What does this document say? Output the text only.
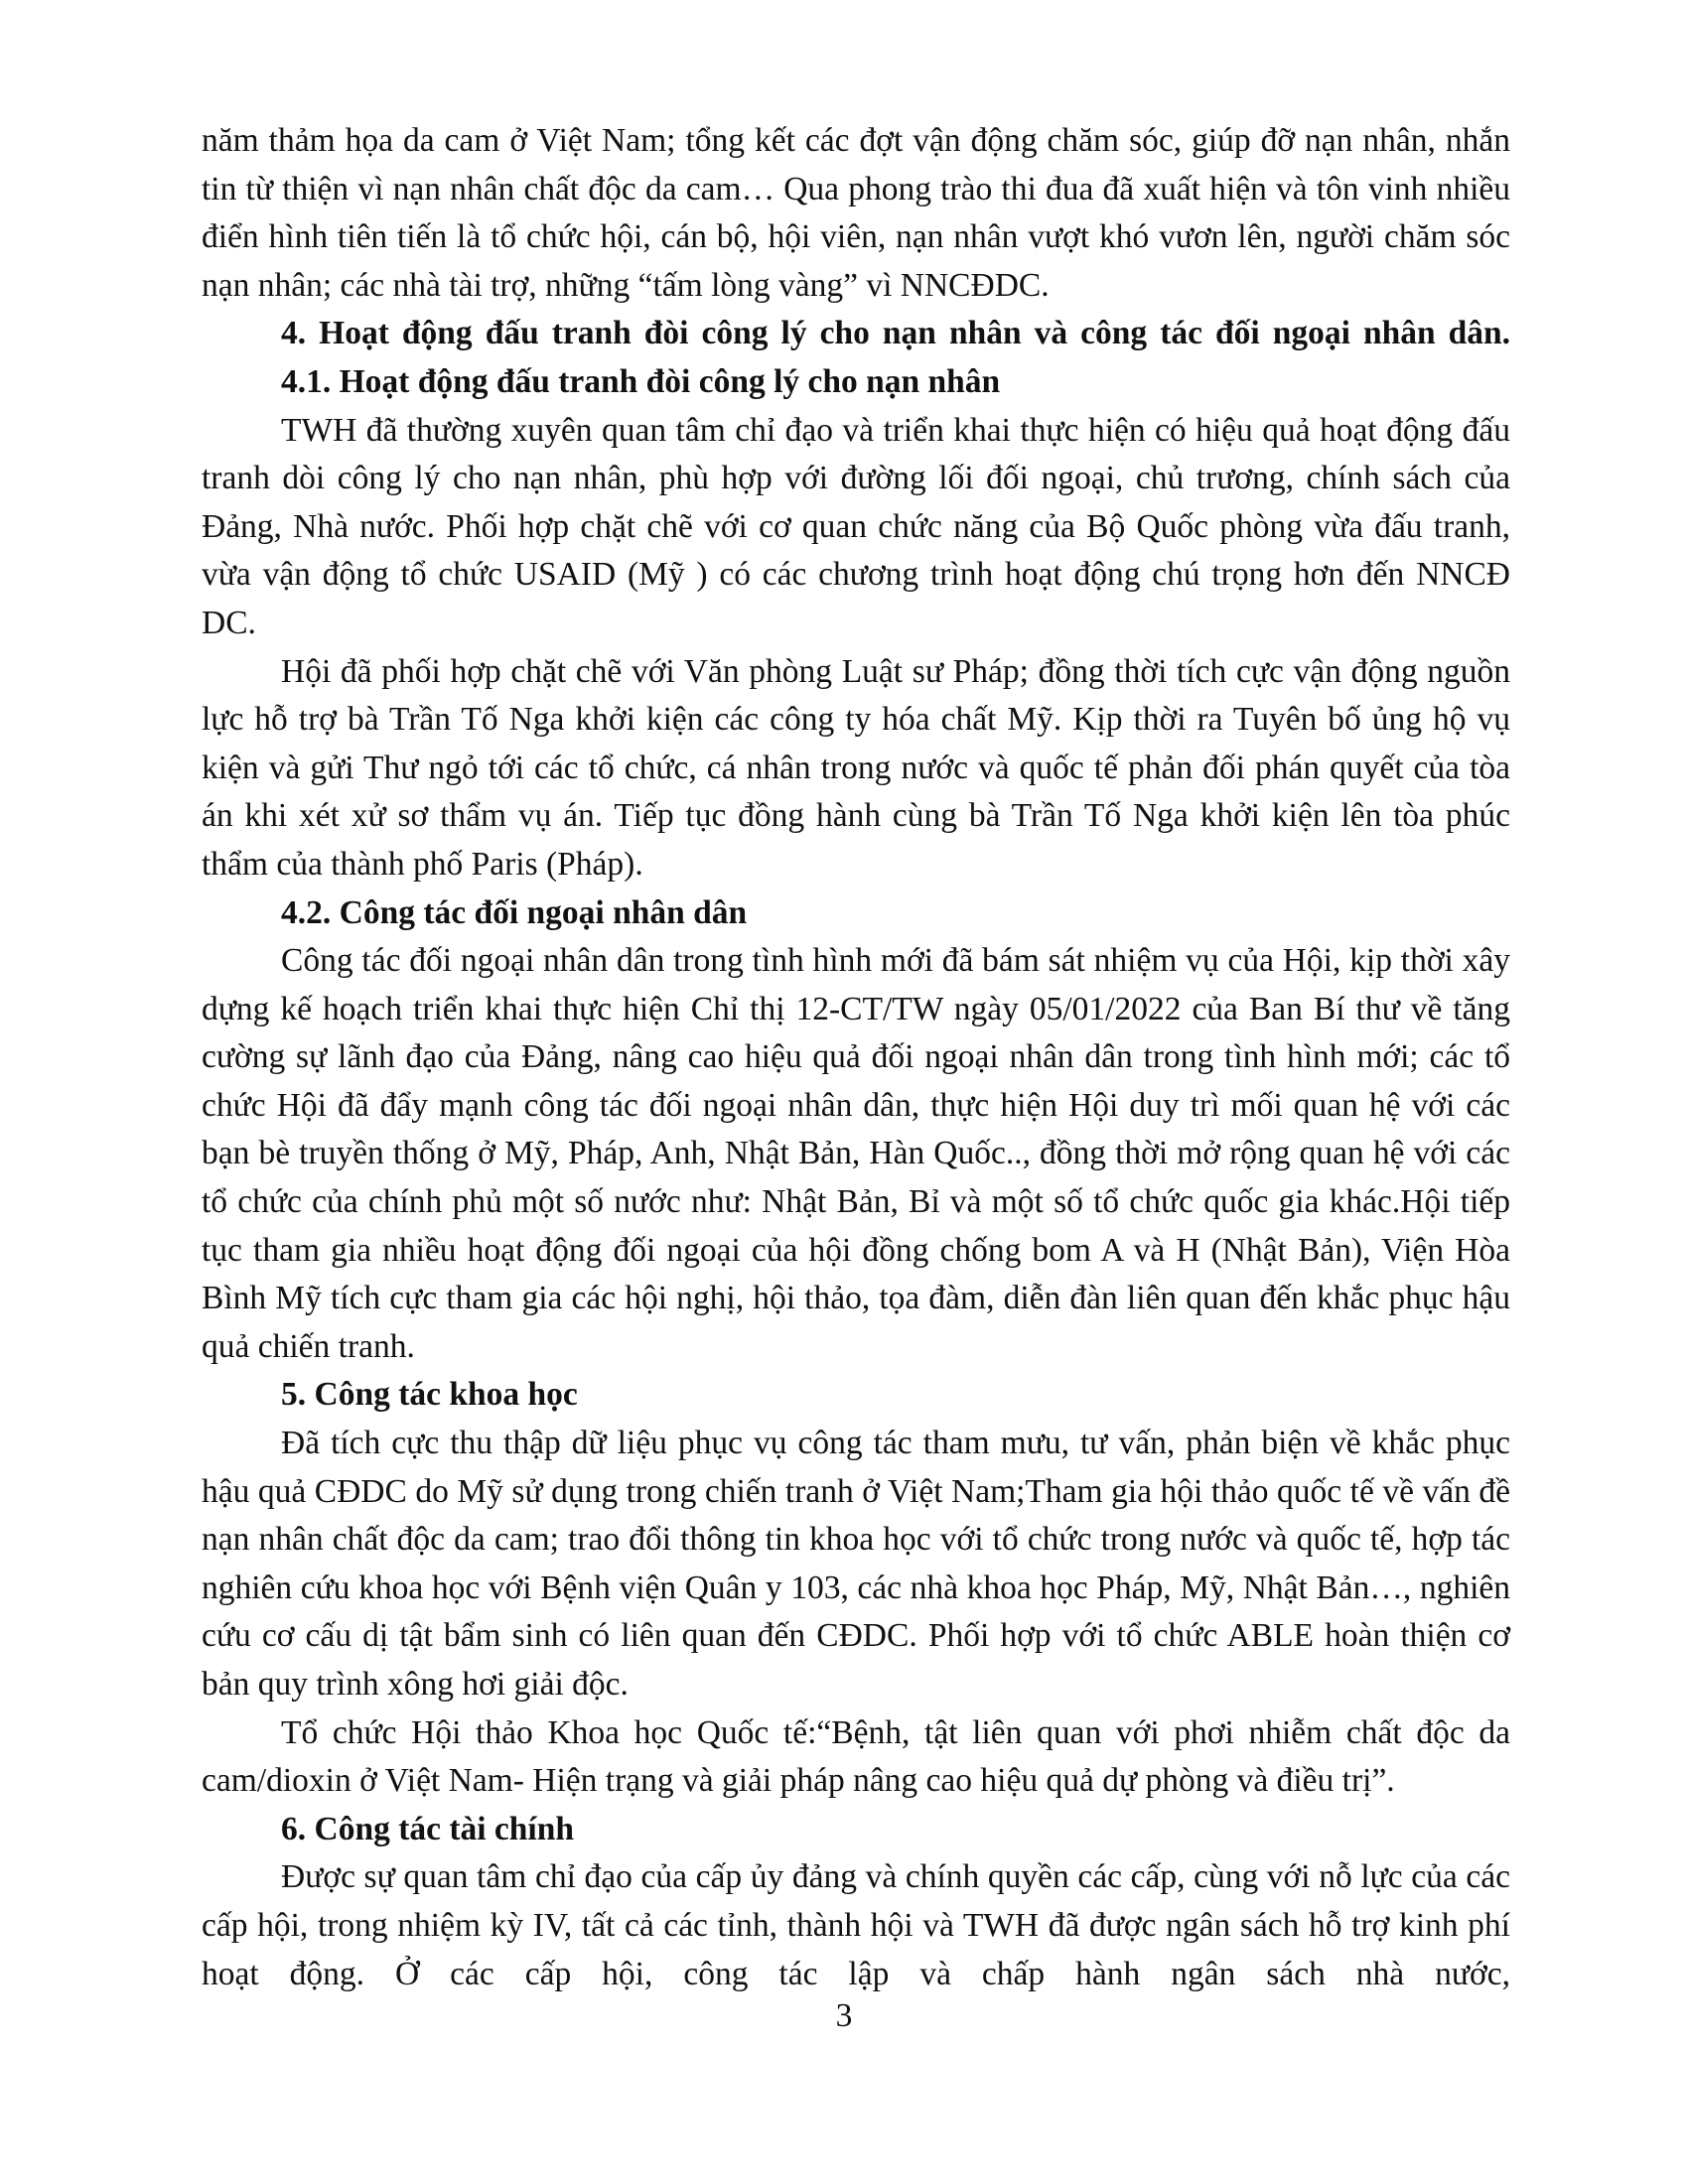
năm thảm họa da cam ở Việt Nam; tổng kết các đợt vận động chăm sóc, giúp đỡ nạn nhân, nhắn tin từ thiện vì nạn nhân chất độc da cam… Qua phong trào thi đua đã xuất hiện và tôn vinh nhiều điển hình tiên tiến là tổ chức hội, cán bộ, hội viên, nạn nhân vượt khó vươn lên, người chăm sóc nạn nhân; các nhà tài trợ, những “tấm lòng vàng” vì NNCĐDC.

4. Hoạt động đấu tranh đòi công lý cho nạn nhân và công tác đối ngoại nhân dân.

4.1. Hoạt động đấu tranh đòi công lý cho nạn nhân

TWH đã thường xuyên quan tâm chỉ đạo và triển khai thực hiện có hiệu quả hoạt động đấu tranh dòi công lý cho nạn nhân, phù hợp với đường lối đối ngoại, chủ trương, chính sách của Đảng, Nhà nước. Phối hợp chặt chẽ với cơ quan chức năng của Bộ Quốc phòng vừa đấu tranh, vừa vận động tổ chức USAID (Mỹ ) có các chương trình hoạt động chú trọng hơn đến NNCĐ DC.

Hội đã phối hợp chặt chẽ với Văn phòng Luật sư Pháp; đồng thời tích cực vận động nguồn lực hỗ trợ bà Trần Tố Nga khởi kiện các công ty hóa chất Mỹ. Kịp thời ra Tuyên bố ủng hộ vụ kiện và gửi Thư ngỏ tới các tổ chức, cá nhân trong nước và quốc tế phản đối phán quyết của tòa án khi xét xử sơ thẩm vụ án. Tiếp tục đồng hành cùng bà Trần Tố Nga khởi kiện lên tòa phúc thẩm của thành phố Paris (Pháp).

4.2. Công tác đối ngoại nhân dân

Công tác đối ngoại nhân dân trong tình hình mới đã bám sát nhiệm vụ của Hội, kịp thời xây dựng kế hoạch triển khai thực hiện Chỉ thị 12-CT/TW ngày 05/01/2022 của Ban Bí thư về tăng cường sự lãnh đạo của Đảng, nâng cao hiệu quả đối ngoại nhân dân trong tình hình mới; các tổ chức Hội đã đẩy mạnh công tác đối ngoại nhân dân, thực hiện Hội duy trì mối quan hệ với các bạn bè truyền thống ở Mỹ, Pháp, Anh, Nhật Bản, Hàn Quốc.., đồng thời mở rộng quan hệ với các tổ chức của chính phủ một số nước như: Nhật Bản, Bỉ và một số tổ chức quốc gia khác.Hội tiếp tục tham gia nhiều hoạt động đối ngoại của hội đồng chống bom A và H (Nhật Bản), Viện Hòa Bình Mỹ tích cực tham gia các hội nghị, hội thảo, tọa đàm, diễn đàn liên quan đến khắc phục hậu quả chiến tranh.

5. Công tác khoa học

Đã tích cực thu thập dữ liệu phục vụ công tác tham mưu, tư vấn, phản biện về khắc phục hậu quả CĐDC do Mỹ sử dụng trong chiến tranh ở Việt Nam;Tham gia hội thảo quốc tế về vấn đề nạn nhân chất độc da cam; trao đổi thông tin khoa học với tổ chức trong nước và quốc tế, hợp tác nghiên cứu khoa học với Bệnh viện Quân y 103, các nhà khoa học Pháp, Mỹ, Nhật Bản…, nghiên cứu cơ cấu dị tật bẩm sinh có liên quan đến CĐDC. Phối hợp với tổ chức ABLE hoàn thiện cơ bản quy trình xông hơi giải độc.

Tổ chức Hội thảo Khoa học Quốc tế:“Bệnh, tật liên quan với phơi nhiễm chất độc da cam/dioxin ở Việt Nam- Hiện trạng và giải pháp nâng cao hiệu quả dự phòng và điều trị”.

6. Công tác tài chính

Được sự quan tâm chỉ đạo của cấp ủy đảng và chính quyền các cấp, cùng với nỗ lực của các cấp hội, trong nhiệm kỳ IV, tất cả các tỉnh, thành hội và TWH đã được ngân sách hỗ trợ kinh phí hoạt động. Ở các cấp hội, công tác lập và chấp hành ngân sách nhà nước,

3
